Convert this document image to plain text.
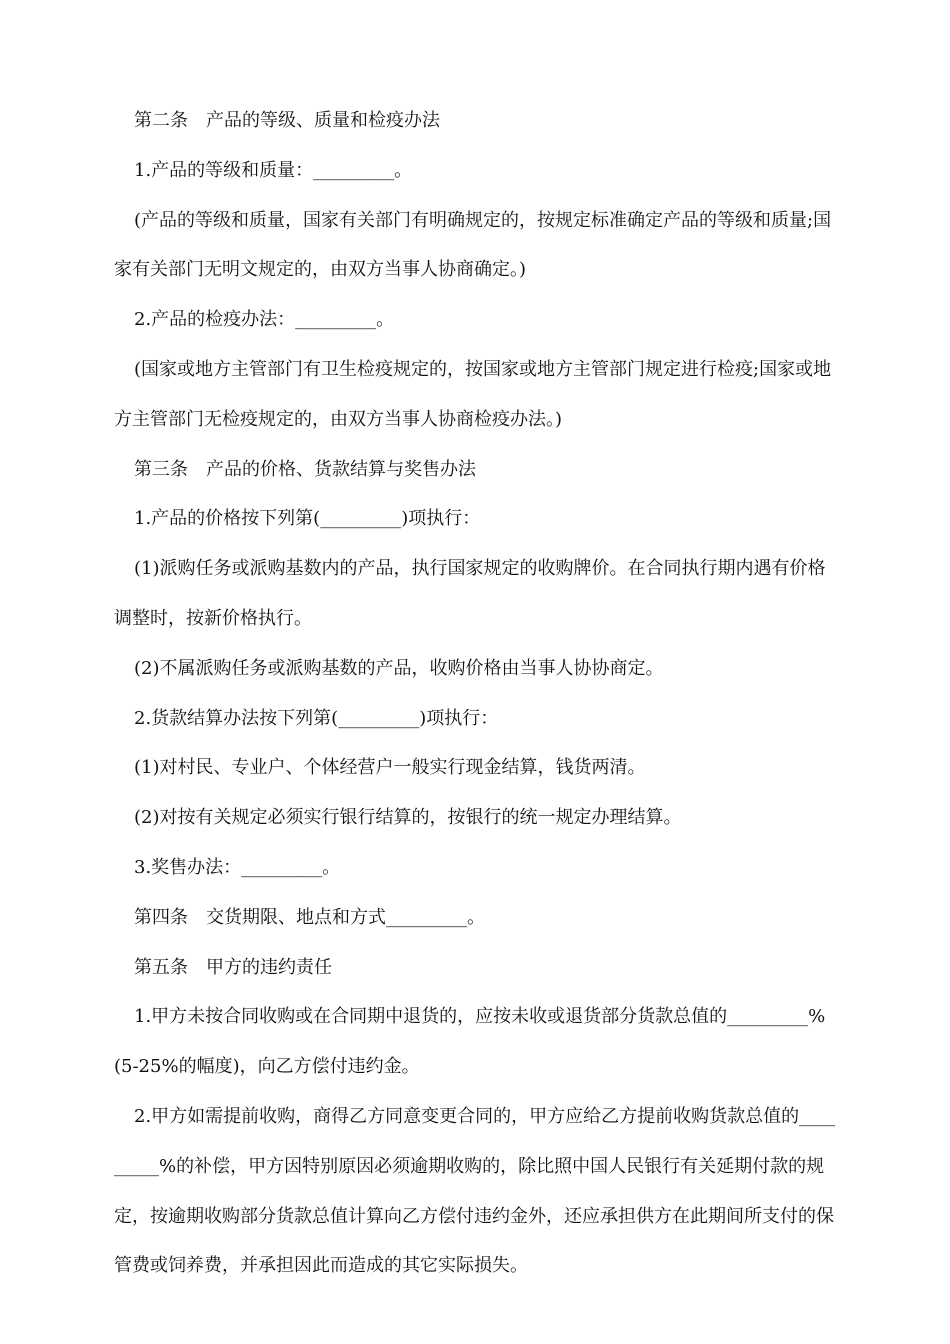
第二条　产品的等级、质量和检疫办法

1.产品的等级和质量：_________。

(产品的等级和质量，国家有关部门有明确规定的，按规定标准确定产品的等级和质量;国家有关部门无明文规定的，由双方当事人协商确定。)

2.产品的检疫办法：_________。

(国家或地方主管部门有卫生检疫规定的，按国家或地方主管部门规定进行检疫;国家或地方主管部门无检疫规定的，由双方当事人协商检疫办法。)

第三条　产品的价格、货款结算与奖售办法

1.产品的价格按下列第(_________)项执行：

(1)派购任务或派购基数内的产品，执行国家规定的收购牌价。在合同执行期内遇有价格调整时，按新价格执行。

(2)不属派购任务或派购基数的产品，收购价格由当事人协协商定。

2.货款结算办法按下列第(_________)项执行：

(1)对村民、专业户、个体经营户一般实行现金结算，钱货两清。

(2)对按有关规定必须实行银行结算的，按银行的统一规定办理结算。

3.奖售办法：_________。

第四条　交货期限、地点和方式_________。

第五条　甲方的违约责任

1.甲方未按合同收购或在合同期中退货的，应按未收或退货部分货款总值的_________%(5-25%的幅度)，向乙方偿付违约金。

2.甲方如需提前收购，商得乙方同意变更合同的，甲方应给乙方提前收购货款总值的_________%的补偿，甲方因特别原因必须逾期收购的，除比照中国人民银行有关延期付款的规定，按逾期收购部分货款总值计算向乙方偿付违约金外，还应承担供方在此期间所支付的保管费或饲养费，并承担因此而造成的其它实际损失。
